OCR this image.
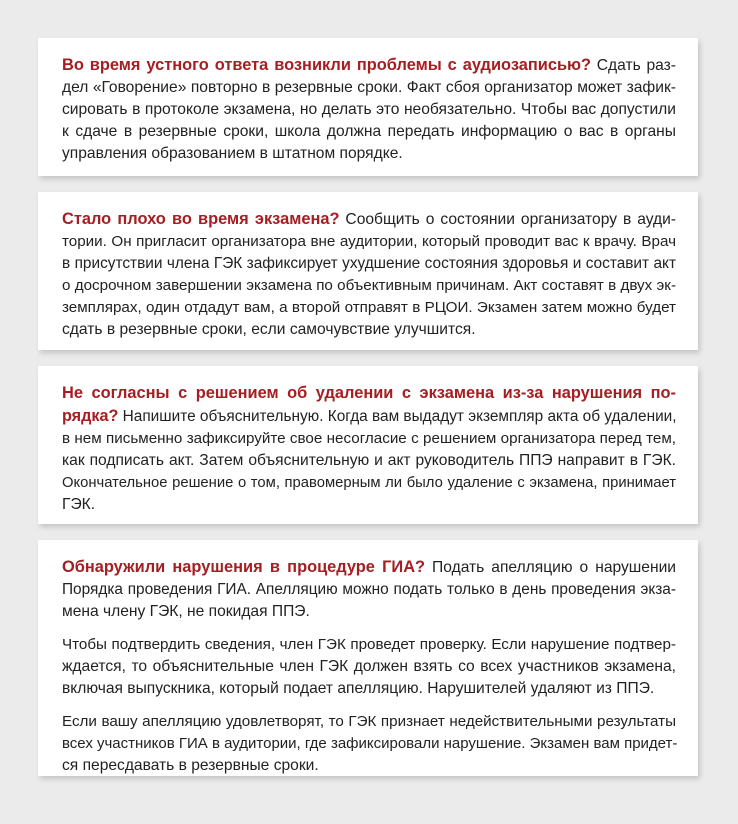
Во время устного ответа возникли проблемы с аудиозаписью? Сдать раз-
дел «Говорение» повторно в резервные сроки. Факт сбоя организатор может зафик-
сировать в протоколе экзамена, но делать это необязательно. Чтобы вас допустили
к сдаче в резервные сроки, школа должна передать информацию о вас в органы
управления образованием в штатном порядке.
Стало плохо во время экзамена? Сообщить о состоянии организатору в ауди-
тории. Он пригласит организатора вне аудитории, который проводит вас к врачу. Врач
в присутствии члена ГЭК зафиксирует ухудшение состояния здоровья и составит акт
о досрочном завершении экзамена по объективным причинам. Акт составят в двух эк-
земплярах, один отдадут вам, а второй отправят в РЦОИ. Экзамен затем можно будет
сдать в резервные сроки, если самочувствие улучшится.
Не согласны с решением об удалении с экзамена из-за нарушения по-
рядка? Напишите объяснительную. Когда вам выдадут экземпляр акта об удалении,
в нем письменно зафиксируйте свое несогласие с решением организатора перед тем,
как подписать акт. Затем объяснительную и акт руководитель ППЭ направит в ГЭК.
Окончательное решение о том, правомерным ли было удаление с экзамена, принимает
ГЭК.
Обнаружили нарушения в процедуре ГИА? Подать апелляцию о нарушении
Порядка проведения ГИА. Апелляцию можно подать только в день проведения экза-
мена члену ГЭК, не покидая ППЭ.
Чтобы подтвердить сведения, член ГЭК проведет проверку. Если нарушение подтвер-
ждается, то объяснительные член ГЭК должен взять со всех участников экзамена,
включая выпускника, который подает апелляцию. Нарушителей удаляют из ППЭ.
Если вашу апелляцию удовлетворят, то ГЭК признает недействительными результаты
всех участников ГИА в аудитории, где зафиксировали нарушение. Экзамен вам придет-
ся пересдавать в резервные сроки.
